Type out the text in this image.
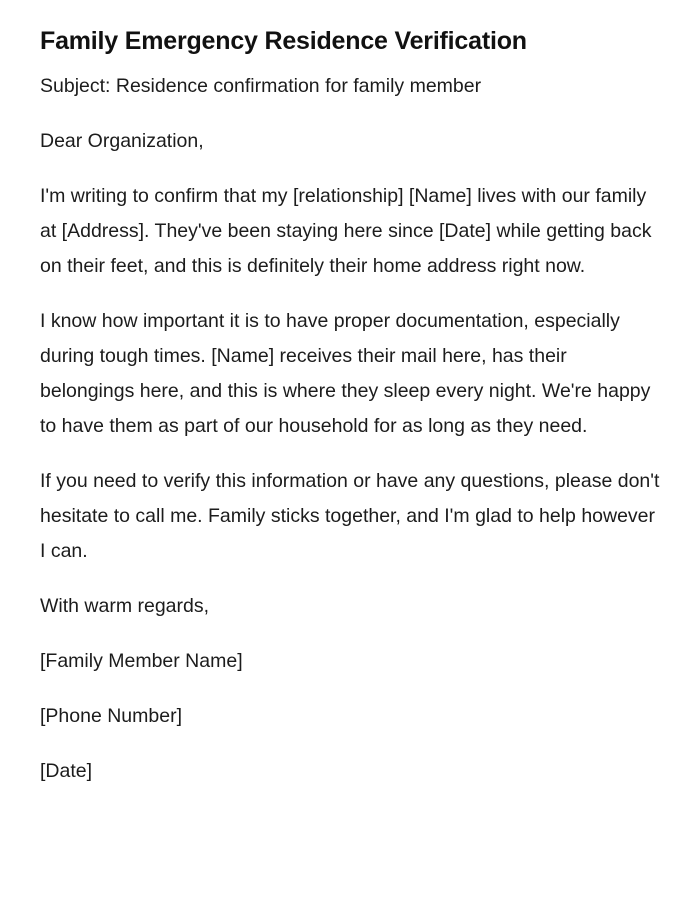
Family Emergency Residence Verification

Subject: Residence confirmation for family member

Dear Organization,

I'm writing to confirm that my [relationship] [Name] lives with our family at [Address]. They've been staying here since [Date] while getting back on their feet, and this is definitely their home address right now.

I know how important it is to have proper documentation, especially during tough times. [Name] receives their mail here, has their belongings here, and this is where they sleep every night. We're happy to have them as part of our household for as long as they need.

If you need to verify this information or have any questions, please don't hesitate to call me. Family sticks together, and I'm glad to help however I can.

With warm regards,

[Family Member Name]

[Phone Number]

[Date]
